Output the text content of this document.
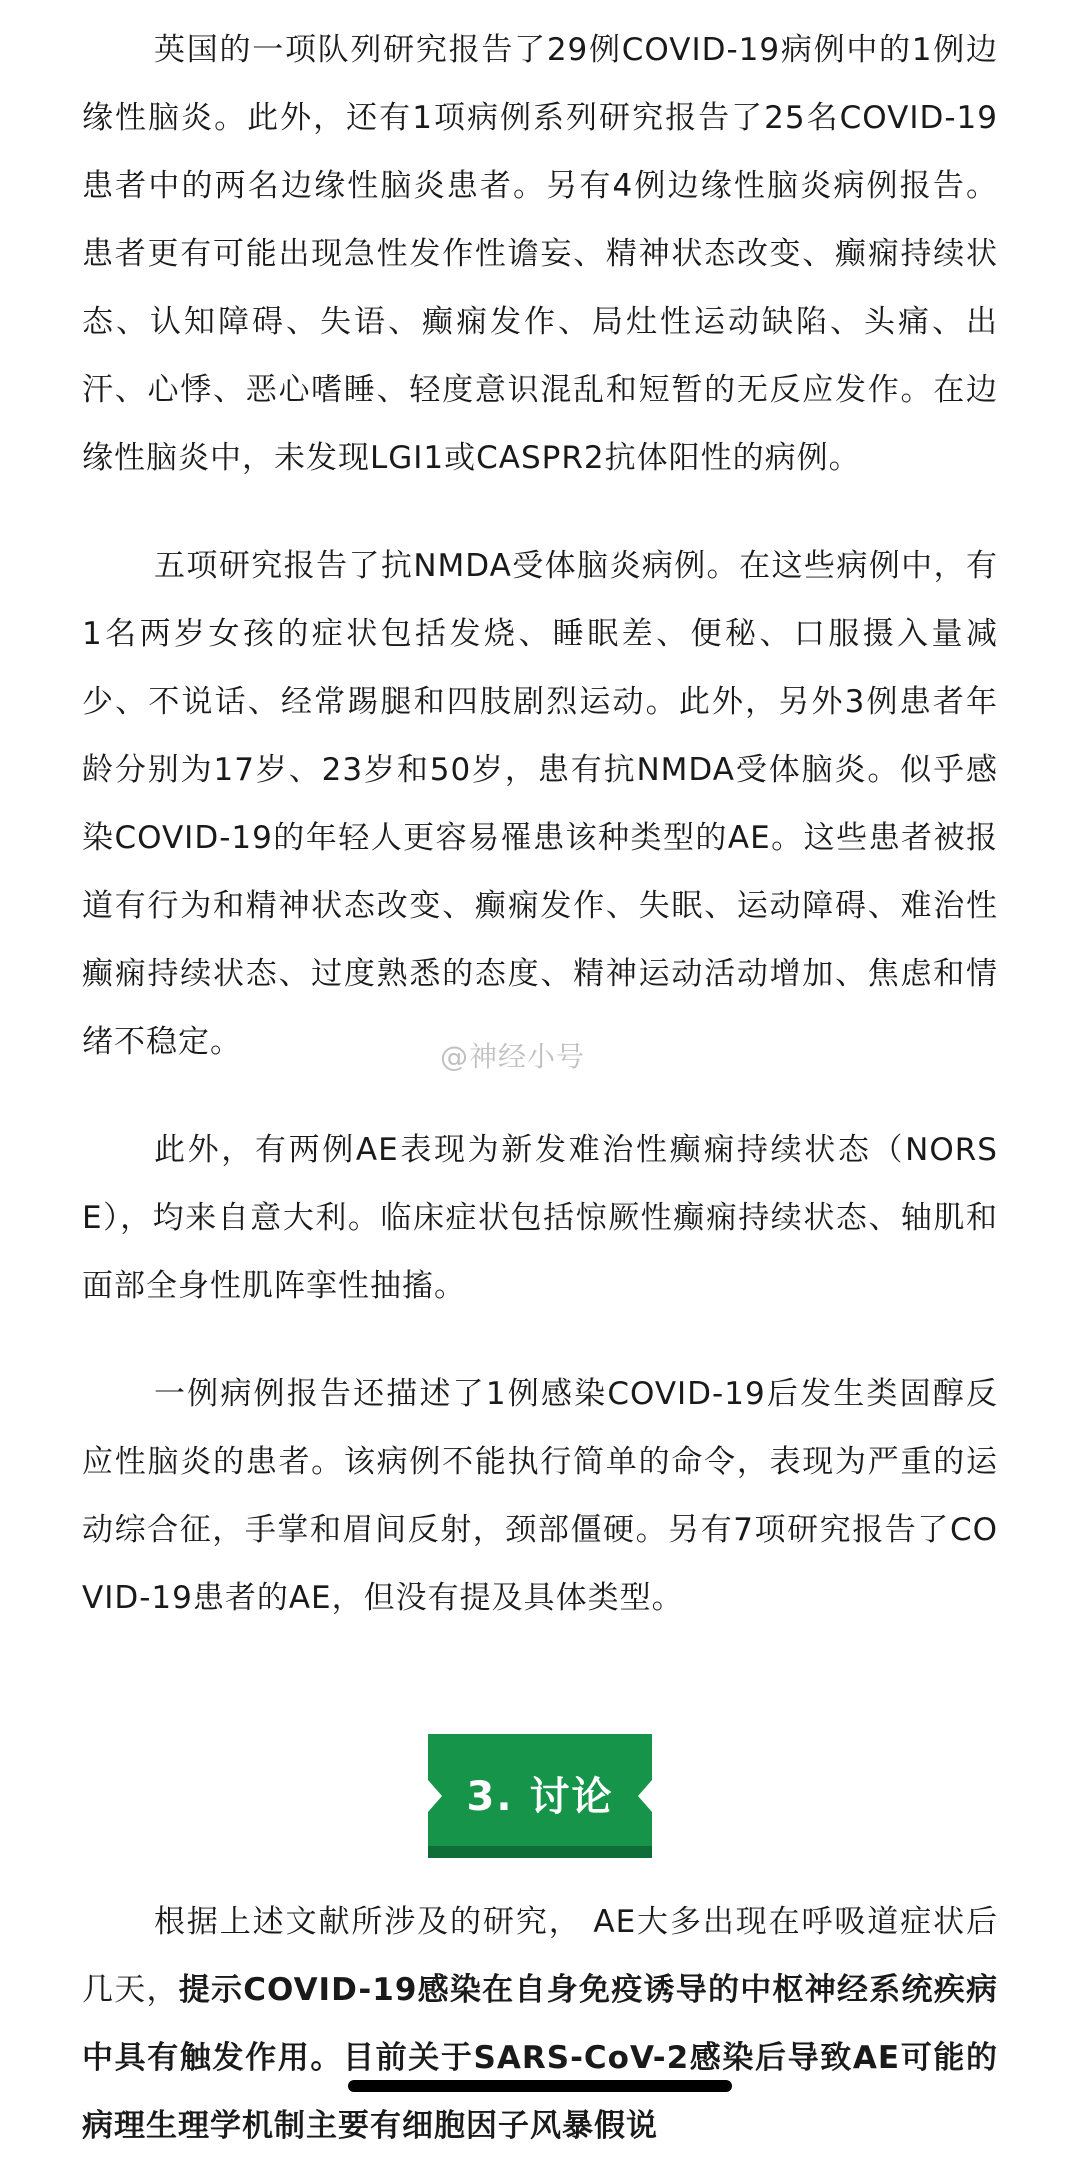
英国的一项队列研究报告了29例COVID-19病例中的1例边缘性脑炎。此外，还有1项病例系列研究报告了25名COVID-19患者中的两名边缘性脑炎患者。另有4例边缘性脑炎病例报告。患者更有可能出现急性发作性谵妄、精神状态改变、癫痫持续状态、认知障碍、失语、癫痫发作、局灶性运动缺陷、头痛、出汗、心悸、恶心嗜睡、轻度意识混乱和短暂的无反应发作。在边缘性脑炎中，未发现LGI1或CASPR2抗体阳性的病例。

五项研究报告了抗NMDA受体脑炎病例。在这些病例中，有1名两岁女孩的症状包括发烧、睡眠差、便秘、口服摄入量减少、不说话、经常踢腿和四肢剧烈运动。此外，另外3例患者年龄分别为17岁、23岁和50岁，患有抗NMDA受体脑炎。似乎感染COVID-19的年轻人更容易罹患该种类型的AE。这些患者被报道有行为和精神状态改变、癫痫发作、失眠、运动障碍、难治性癫痫持续状态、过度熟悉的态度、精神运动活动增加、焦虑和情绪不稳定。

此外，有两例AE表现为新发难治性癫痫持续状态（NORSE），均来自意大利。临床症状包括惊厥性癫痫持续状态、轴肌和面部全身性肌阵挛性抽搐。

一例病例报告还描述了1例感染COVID-19后发生类固醇反应性脑炎的患者。该病例不能执行简单的命令，表现为严重的运动综合征，手掌和眉间反射，颈部僵硬。另有7项研究报告了COVID-19患者的AE，但没有提及具体类型。

@神经小号
3. 讨论

根据上述文献所涉及的研究， AE大多出现在呼吸道症状后几天，提示COVID-19感染在自身免疫诱导的中枢神经系统疾病中具有触发作用。目前关于SARS-CoV-2感染后导致AE可能的病理生理学机制主要有细胞因子风暴假说
